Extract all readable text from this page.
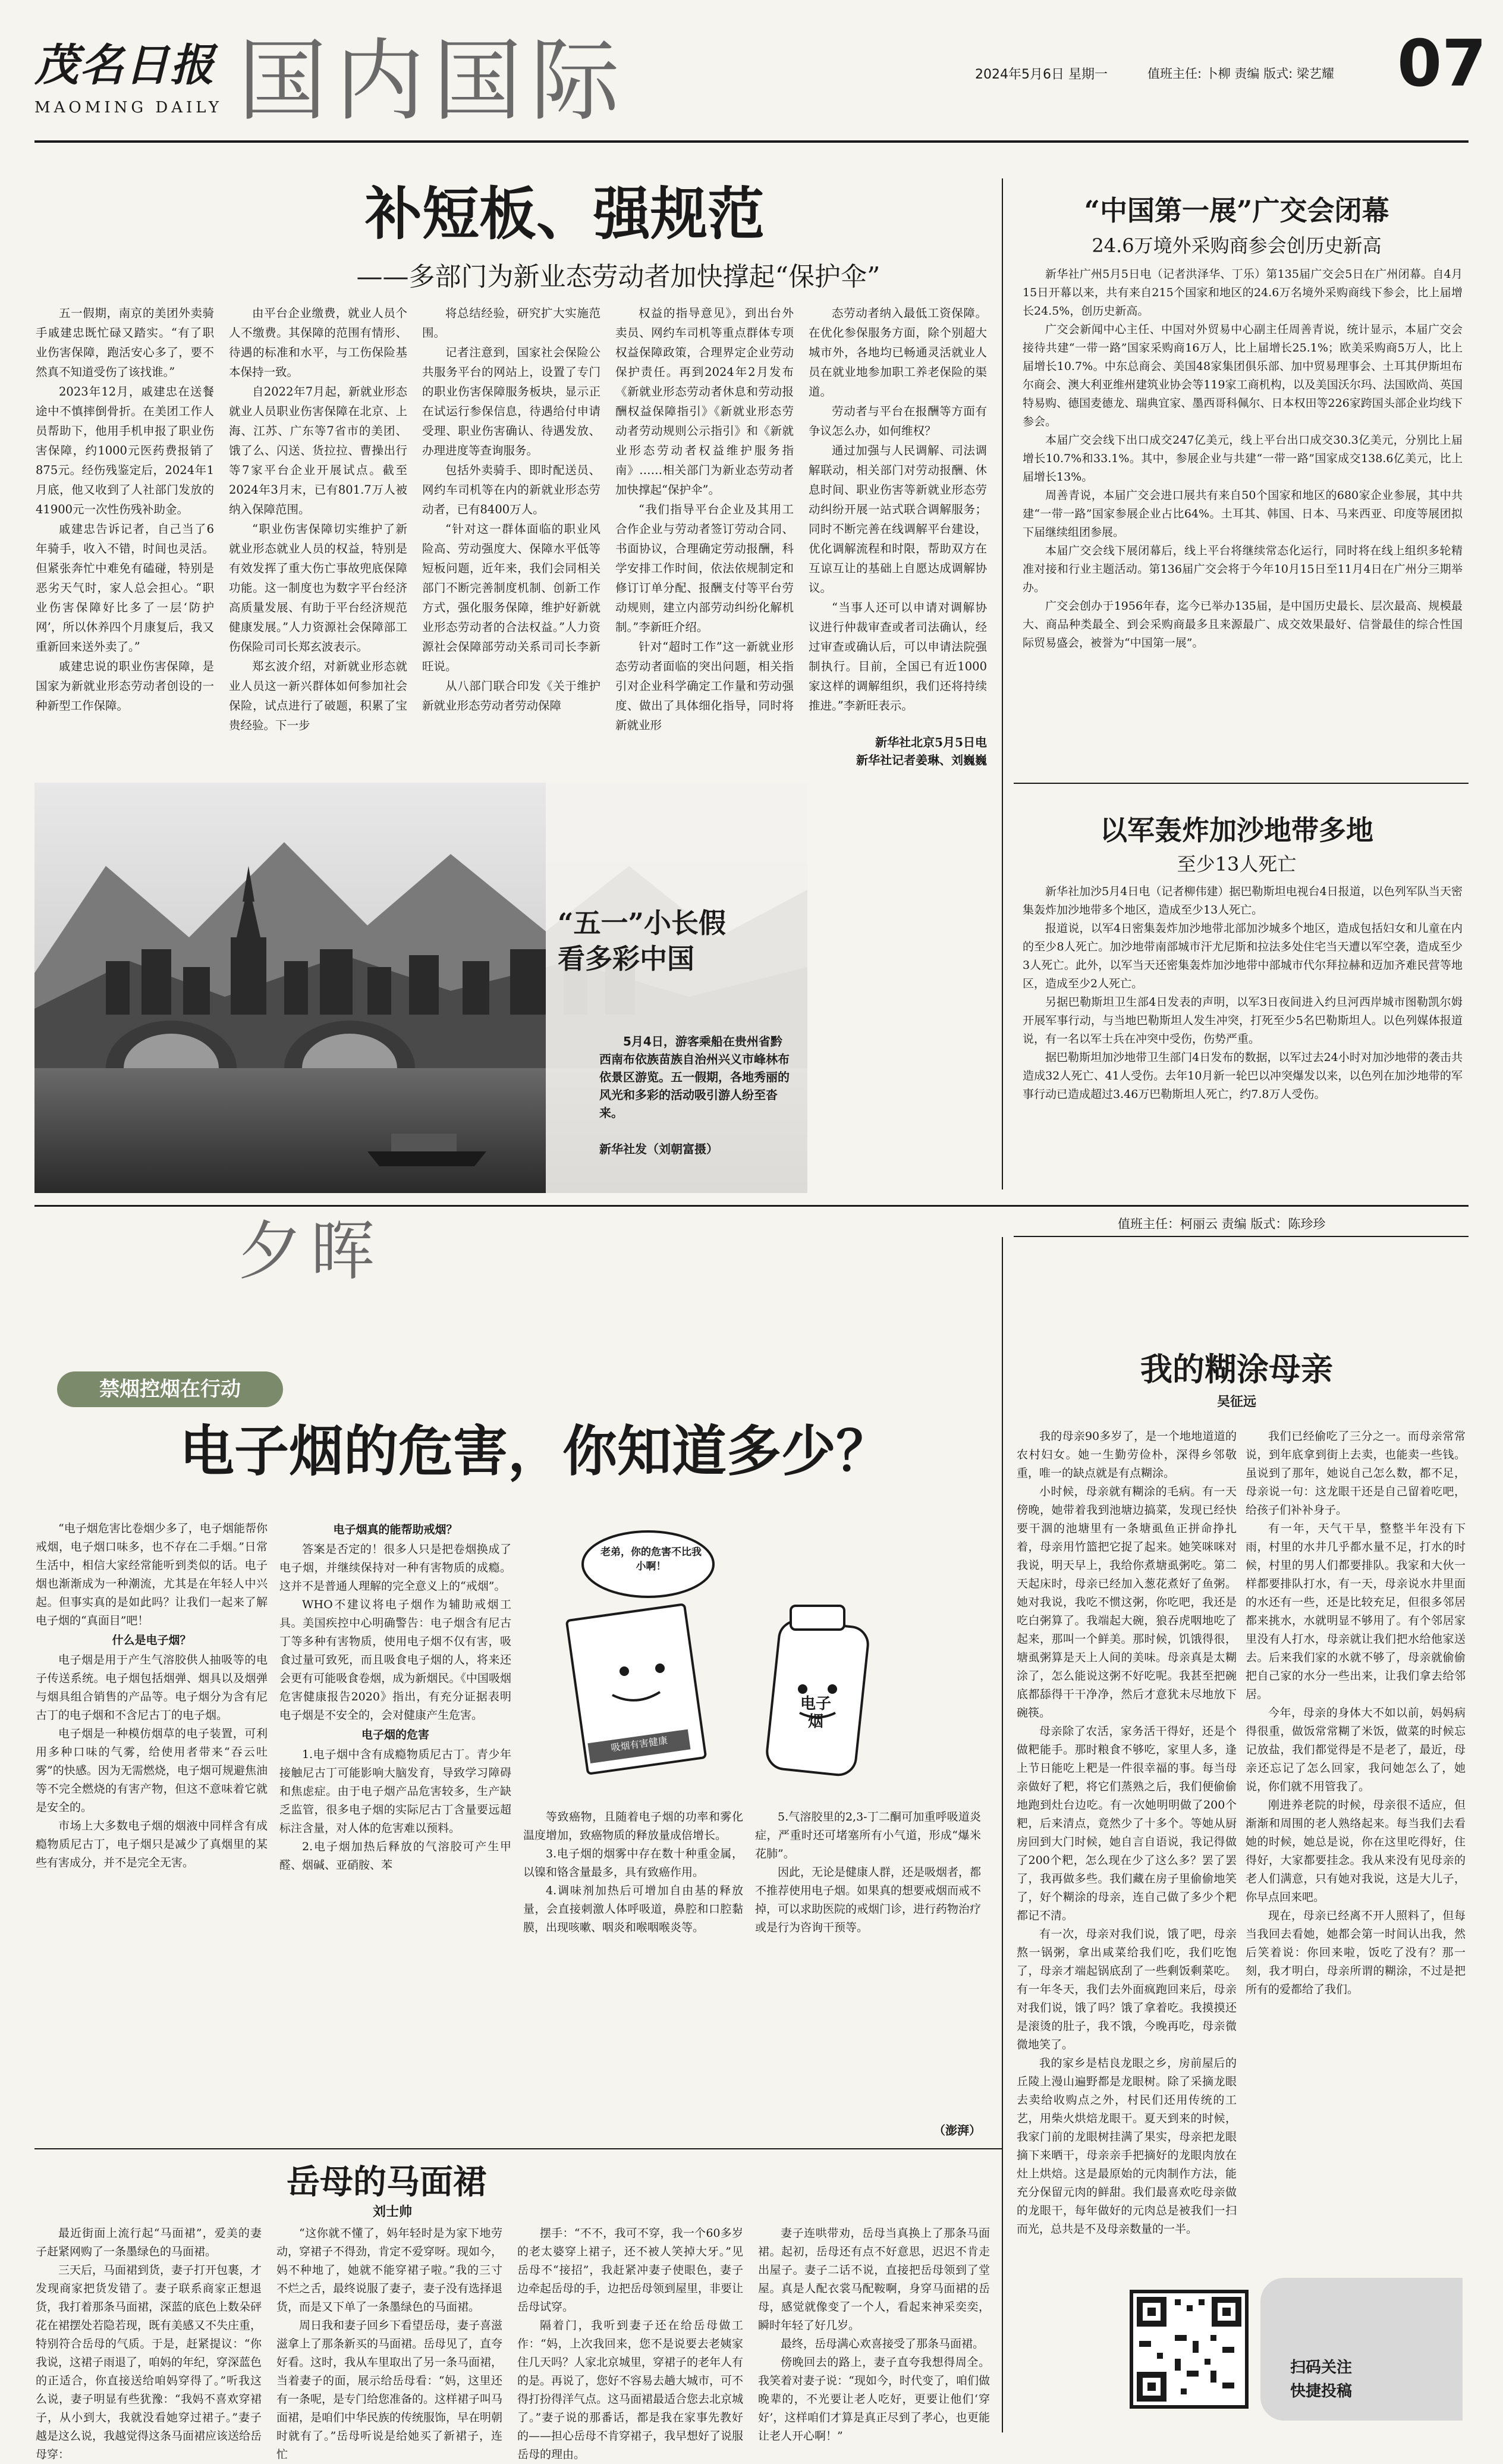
茂名日报
MAOMING DAILY 国内国际	2024年5月6日 星期一	值班主任: 卜柳 责编 版式: 梁艺耀 07
补短板、强规范
——多部门为新业态劳动者加快撑起“保护伞”

五一假期，南京的美团外卖骑手戚建忠既忙碌又踏实。“有了职业伤害保障，跑活安心多了，要不然真不知道受伤了该找谁。”

2023年12月，戚建忠在送餐途中不慎摔倒骨折。在美团工作人员帮助下，他用手机申报了职业伤害保障，约1000元医药费报销了875元。经伤残鉴定后，2024年1月底，他又收到了人社部门发放的41900元一次性伤残补助金。

戚建忠告诉记者，自己当了6年骑手，收入不错，时间也灵活。但紧张奔忙中难免有磕碰，特别是恶劣天气时，家人总会担心。“职业伤害保障好比多了一层‘防护网’，所以休养四个月康复后，我又重新回来送外卖了。”

戚建忠说的职业伤害保障，是国家为新就业形态劳动者创设的一种新型工作保障。

由平台企业缴费，就业人员个人不缴费。其保障的范围有情形、待遇的标准和水平，与工伤保险基本保持一致。

自2022年7月起，新就业形态就业人员职业伤害保障在北京、上海、江苏、广东等7省市的美团、饿了么、闪送、货拉拉、曹操出行等7家平台企业开展试点。截至2024年3月末，已有801.7万人被纳入保障范围。

“职业伤害保障切实维护了新就业形态就业人员的权益，特别是有效发挥了重大伤亡事故兜底保障功能。这一制度也为数字平台经济高质量发展、有助于平台经济规范健康发展。”人力资源社会保障部工伤保险司司长郑玄波表示。

郑玄波介绍，对新就业形态就业人员这一新兴群体如何参加社会保险，试点进行了破题，积累了宝贵经验。下一步

将总结经验，研究扩大实施范围。

记者注意到，国家社会保险公共服务平台的网站上，设置了专门的职业伤害保障服务板块，显示正在试运行参保信息，待遇给付申请受理、职业伤害确认、待遇发放、办理进度等查询服务。

包括外卖骑手、即时配送员、网约车司机等在内的新就业形态劳动者，已有8400万人。

“针对这一群体面临的职业风险高、劳动强度大、保障水平低等短板问题，近年来，我们会同相关部门不断完善制度机制、创新工作方式，强化服务保障，维护好新就业形态劳动者的合法权益。”人力资源社会保障部劳动关系司司长李新旺说。

从八部门联合印发《关于维护新就业形态劳动者劳动保障

权益的指导意见》，到出台外卖员、网约车司机等重点群体专项权益保障政策，合理界定企业劳动保护责任。再到2024年2月发布《新就业形态劳动者休息和劳动报酬权益保障指引》《新就业形态劳动者劳动规则公示指引》和《新就业形态劳动者权益维护服务指南》……相关部门为新业态劳动者加快撑起“保护伞”。

“我们指导平台企业及其用工合作企业与劳动者签订劳动合同、书面协议，合理确定劳动报酬，科学安排工作时间，依法依规制定和修订订单分配、报酬支付等平台劳动规则，建立内部劳动纠纷化解机制。”李新旺介绍。

针对“超时工作”这一新就业形态劳动者面临的突出问题，相关指引对企业科学确定工作量和劳动强度、做出了具体细化指导，同时将新就业形

态劳动者纳入最低工资保障。在优化参保服务方面，除个别超大城市外，各地均已畅通灵活就业人员在就业地参加职工养老保险的渠道。

劳动者与平台在报酬等方面有争议怎么办，如何维权？

通过加强与人民调解、司法调解联动，相关部门对劳动报酬、休息时间、职业伤害等新就业形态劳动纠纷开展一站式联合调解服务；同时不断完善在线调解平台建设，优化调解流程和时限，帮助双方在互谅互让的基础上自愿达成调解协议。

“当事人还可以申请对调解协议进行仲裁审查或者司法确认，经过审查或确认后，可以申请法院强制执行。目前，全国已有近1000家这样的调解组织，我们还将持续推进。”李新旺表示。

新华社北京5月5日电
新华社记者姜琳、刘巍巍
“中国第一展”广交会闭幕
24.6万境外采购商参会创历史新高

新华社广州5月5日电（记者洪泽华、丁乐）第135届广交会5日在广州闭幕。自4月15日开幕以来，共有来自215个国家和地区的24.6万名境外采购商线下参会，比上届增长24.5%，创历史新高。

广交会新闻中心主任、中国对外贸易中心副主任周善青说，统计显示，本届广交会接待共建“一带一路”国家采购商16万人，比上届增长25.1%；欧美采购商5万人，比上届增长10.7%。中东总商会、美国48家集团俱乐部、加中贸易理事会、土耳其伊斯坦布尔商会、澳大利亚维州建筑业协会等119家工商机构，以及美国沃尔玛、法国欧尚、英国特易购、德国麦德龙、瑞典宜家、墨西哥科佩尔、日本权田等226家跨国头部企业均线下参会。

本届广交会线下出口成交247亿美元，线上平台出口成交30.3亿美元，分别比上届增长10.7%和33.1%。其中，参展企业与共建“一带一路”国家成交138.6亿美元，比上届增长13%。

周善青说，本届广交会进口展共有来自50个国家和地区的680家企业参展，其中共建“一带一路”国家参展企业占比64%。土耳其、韩国、日本、马来西亚、印度等展团拟下届继续组团参展。

本届广交会线下展闭幕后，线上平台将继续常态化运行，同时将在线上组织多轮精准对接和行业主题活动。第136届广交会将于今年10月15日至11月4日在广州分三期举办。

广交会创办于1956年春，迄今已举办135届，是中国历史最长、层次最高、规模最大、商品种类最全、到会采购商最多且来源最广、成交效果最好、信誉最佳的综合性国际贸易盛会，被誉为“中国第一展”。

以军轰炸加沙地带多地
至少13人死亡

新华社加沙5月4日电（记者柳伟建）据巴勒斯坦电视台4日报道，以色列军队当天密集轰炸加沙地带多个地区，造成至少13人死亡。

报道说，以军4日密集轰炸加沙地带北部加沙城多个地区，造成包括妇女和儿童在内的至少8人死亡。加沙地带南部城市汗尤尼斯和拉法多处住宅当天遭以军空袭，造成至少3人死亡。此外，以军当天还密集轰炸加沙地带中部城市代尔拜拉赫和迈加齐难民营等地区，造成至少2人死亡。

另据巴勒斯坦卫生部4日发表的声明，以军3日夜间进入约旦河西岸城市图勒凯尔姆开展军事行动，与当地巴勒斯坦人发生冲突，打死至少5名巴勒斯坦人。以色列媒体报道说，有一名以军士兵在冲突中受伤，伤势严重。

据巴勒斯坦加沙地带卫生部门4日发布的数据，以军过去24小时对加沙地带的袭击共造成32人死亡、41人受伤。去年10月新一轮巴以冲突爆发以来，以色列在加沙地带的军事行动已造成超过3.46万巴勒斯坦人死亡，约7.8万人受伤。

“五一”小长假
看多彩中国
5月4日，游客乘船在贵州省黔西南布依族苗族自治州兴义市峰林布依景区游览。五一假期，各地秀丽的风光和多彩的活动吸引游人纷至沓来。
新华社发（刘朝富摄）
夕晖	值班主任：柯丽云 责编 版式：陈珍珍
禁烟控烟在行动
电子烟的危害，你知道多少？

“电子烟危害比卷烟少多了，电子烟能帮你戒烟，电子烟口味多，也不存在二手烟。”日常生活中，相信大家经常能听到类似的话。电子烟也渐渐成为一种潮流，尤其是在年轻人中兴起。但事实真的是如此吗？让我们一起来了解电子烟的“真面目”吧！

什么是电子烟？

电子烟是用于产生气溶胶供人抽吸等的电子传送系统。电子烟包括烟弹、烟具以及烟弹与烟具组合销售的产品等。电子烟分为含有尼古丁的电子烟和不含尼古丁的电子烟。

电子烟是一种模仿烟草的电子装置，可利用多种口味的气雾，给使用者带来“吞云吐雾”的快感。因为无需燃烧，电子烟可规避焦油等不完全燃烧的有害产物，但这不意味着它就是安全的。

市场上大多数电子烟的烟液中同样含有成瘾物质尼古丁，电子烟只是减少了真烟里的某些有害成分，并不是完全无害。

电子烟真的能帮助戒烟？

答案是否定的！很多人只是把卷烟换成了电子烟，并继续保持对一种有害物质的成瘾。这并不是普通人理解的完全意义上的“戒烟”。

WHO不建议将电子烟作为辅助戒烟工具。美国疾控中心明确警告：电子烟含有尼古丁等多种有害物质，使用电子烟不仅有害，吸食过量可致死，而且吸食电子烟的人，将来还会更有可能吸食卷烟，成为新烟民。《中国吸烟危害健康报告2020》指出，有充分证据表明电子烟是不安全的，会对健康产生危害。

电子烟的危害

1.电子烟中含有成瘾物质尼古丁。青少年接触尼古丁可能影响大脑发育，导致学习障碍和焦虑症。由于电子烟产品危害较多，生产缺乏监管，很多电子烟的实际尼古丁含量要远超标注含量，对人体的危害难以预料。

2.电子烟加热后释放的气溶胶可产生甲醛、烟碱、亚硝胺、苯

老弟，你的危害不比我小啊！
电子烟
吸烟有害健康

等致癌物，且随着电子烟的功率和雾化温度增加，致癌物质的释放量成倍增长。

3.电子烟的烟雾中存在数十种重金属，以镍和铬含量最多，具有致癌作用。

4.调味剂加热后可增加自由基的释放量，会直接刺激人体呼吸道，鼻腔和口腔黏膜，出现咳嗽、咽炎和喉咽喉炎等。

5.气溶胶里的2,3-丁二酮可加重呼吸道炎症，严重时还可堵塞所有小气道，形成“爆米花肺”。

因此，无论是健康人群，还是吸烟者，都不推荐使用电子烟。如果真的想要戒烟而戒不掉，可以求助医院的戒烟门诊，进行药物治疗或是行为咨询干预等。

（澎湃）
岳母的马面裙
刘士帅

最近街面上流行起“马面裙”，爱美的妻子赶紧网购了一条墨绿色的马面裙。

三天后，马面裙到货，妻子打开包裹，才发现商家把货发错了。妻子联系商家正想退货，我打着那条马面裙，深蓝的底色上数朵砰花在裙摆处若隐若现，既有美感又不失庄重，特别符合岳母的气质。于是，赶紧提议：“你我说，这裙子雨退了，咱妈的年纪，穿深蓝色的正适合，你直接送给咱妈穿得了。”听我这么说，妻子明显有些犹豫：“我妈不喜欢穿裙子，从小到大，我就没看她穿过裙子。”妻子越是这么说，我越觉得这条马面裙应该送给岳母穿：

“这你就不懂了，妈年轻时是为家下地劳动，穿裙子不得劲，肯定不爱穿呀。现如今，妈不种地了，她就不能穿裙子啦。”我的三寸不烂之舌，最终说服了妻子，妻子没有选择退货，而是又下单了一条墨绿色的马面裙。

周日我和妻子回乡下看望岳母，妻子喜滋滋拿上了那条新买的马面裙。岳母见了，直夸好看。这时，我从车里取出了另一条马面裙，当着妻子的面，展示给岳母看：“妈，这里还有一条呢，是专门给您准备的。这样裙子叫马面裙，是咱们中华民族的传统服饰，早在明朝时就有了。”岳母听说是给她买了新裙子，连忙

摆手：“不不，我可不穿，我一个60多岁的老太婆穿上裙子，还不被人笑掉大牙。”见岳母不“接招”，我赶紧冲妻子使眼色，妻子边牵起岳母的手，边把岳母领到屋里，非要让岳母试穿。

隔着门，我听到妻子还在给岳母做工作：“妈，上次我回来，您不是说要去老姨家住几天吗？人家北京城里，穿裙子的老年人有的是。再说了，您好不容易去趟大城市，可不得打扮得洋气点。这马面裙最适合您去北京城了。”妻子说的那番话，都是我在家事先教好的——担心岳母不肯穿裙子，我早想好了说服岳母的理由。

妻子连哄带劝，岳母当真换上了那条马面裙。起初，岳母还有点不好意思，迟迟不肯走出屋子。妻子二话不说，直接把岳母领到了堂屋。真是人配衣裳马配鞍啊，身穿马面裙的岳母，感觉就像变了一个人，看起来神采奕奕，瞬时年轻了好几岁。

最终，岳母满心欢喜接受了那条马面裙。

傍晚回去的路上，妻子直夸我想得周全。我笑着对妻子说：“现如今，时代变了，咱们做晚辈的，不光要让老人吃好，更要让他们‘穿好’，这样咱们才算是真正尽到了孝心，也更能让老人开心啊！”

我的糊涂母亲
吴征远

我的母亲90多岁了，是一个地地道道的农村妇女。她一生勤劳俭朴，深得乡邻敬重，唯一的缺点就是有点糊涂。

小时候，母亲就有糊涂的毛病。有一天傍晚，她带着我到池塘边搞菜，发现已经快要干涸的池塘里有一条塘虱鱼正拼命挣扎着，母亲用竹篮把它捉了起来。她笑咪咪对我说，明天早上，我给你煮塘虱粥吃。第二天起床时，母亲已经加入葱花煮好了鱼粥。她对我说，我吃不惯这粥，你吃吧，我还是吃白粥算了。我端起大碗，狼吞虎咽地吃了起来，那叫一个鲜美。那时候，饥饿得很，塘虱粥算是天上人间的美味。母亲真是太糊涂了，怎么能说这粥不好吃呢。我甚至把碗底都舔得干干净净，然后才意犹未尽地放下碗筷。

母亲除了农活，家务活干得好，还是个做粑能手。那时粮食不够吃，家里人多，逢上节日能吃上粑是一件很幸福的事。每当母亲做好了粑，将它们蒸熟之后，我们便偷偷地跑到灶台边吃。有一次她明明做了200个粑，后来清点，竟然少了十多个。等她从厨房回到大门时候，她自言自语说，我记得做了200个粑，怎么现在少了这么多？罢了罢了，我再做多些。我们藏在房子里偷偷地笑了，好个糊涂的母亲，连自己做了多少个粑都记不清。

有一次，母亲对我们说，饿了吧，母亲熬一锅粥，拿出咸菜给我们吃，我们吃饱了，母亲才端起锅底刮了一些剩饭剩菜吃。有一年冬天，我们去外面疯跑回来后，母亲对我们说，饿了吗？饿了拿着吃。我摸摸还是滚烫的肚子，我不饿，今晚再吃，母亲微微地笑了。

我的家乡是桔良龙眼之乡，房前屋后的丘陵上漫山遍野都是龙眼树。除了采摘龙眼去卖给收购点之外，村民们还用传统的工艺，用柴火烘焙龙眼干。夏天到来的时候，我家门前的龙眼树挂满了果实，母亲把龙眼摘下来晒干，母亲亲手把摘好的龙眼肉放在灶上烘焙。这是最原始的元肉制作方法，能充分保留元肉的鲜甜。我们最喜欢吃母亲做的龙眼干，每年做好的元肉总是被我们一扫而光，总共是不及母亲数量的一半。

我们已经偷吃了三分之一。而母亲常常说，到年底拿到街上去卖，也能卖一些钱。虽说到了那年，她说自己怎么数，都不足，母亲说一句：这龙眼干还是自己留着吃吧，给孩子们补补身子。

有一年，天气干旱，整整半年没有下雨，村里的水井几乎都水量不足，打水的时候，村里的男人们都要排队。我家和大伙一样都要排队打水，有一天，母亲说水井里面的水还有一些，还是比较充足，但很多邻居都来挑水，水就明显不够用了。有个邻居家里没有人打水，母亲就让我们把水给他家送去。后来我们家的水就不够了，母亲就偷偷把自己家的水分一些出来，让我们拿去给邻居。

今年，母亲的身体大不如以前，妈妈病得很重，做饭常常糊了米饭，做菜的时候忘记放盐，我们都觉得是不是老了，最近，母亲还忘记了怎么回家，我问她怎么了，她说，你们就不用管我了。

刚进养老院的时候，母亲很不适应，但渐渐和周围的老人熟络起来。每当我们去看她的时候，她总是说，你在这里吃得好，住得好，大家都要挂念。我从来没有见母亲的老人们满意，只有她对我说，这是大儿子，你早点回来吧。

现在，母亲已经离不开人照料了，但每当我回去看她，她都会第一时间认出我，然后笑着说：你回来啦，饭吃了没有？那一刻，我才明白，母亲所谓的糊涂，不过是把所有的爱都给了我们。

扫码关注
快捷投稿
